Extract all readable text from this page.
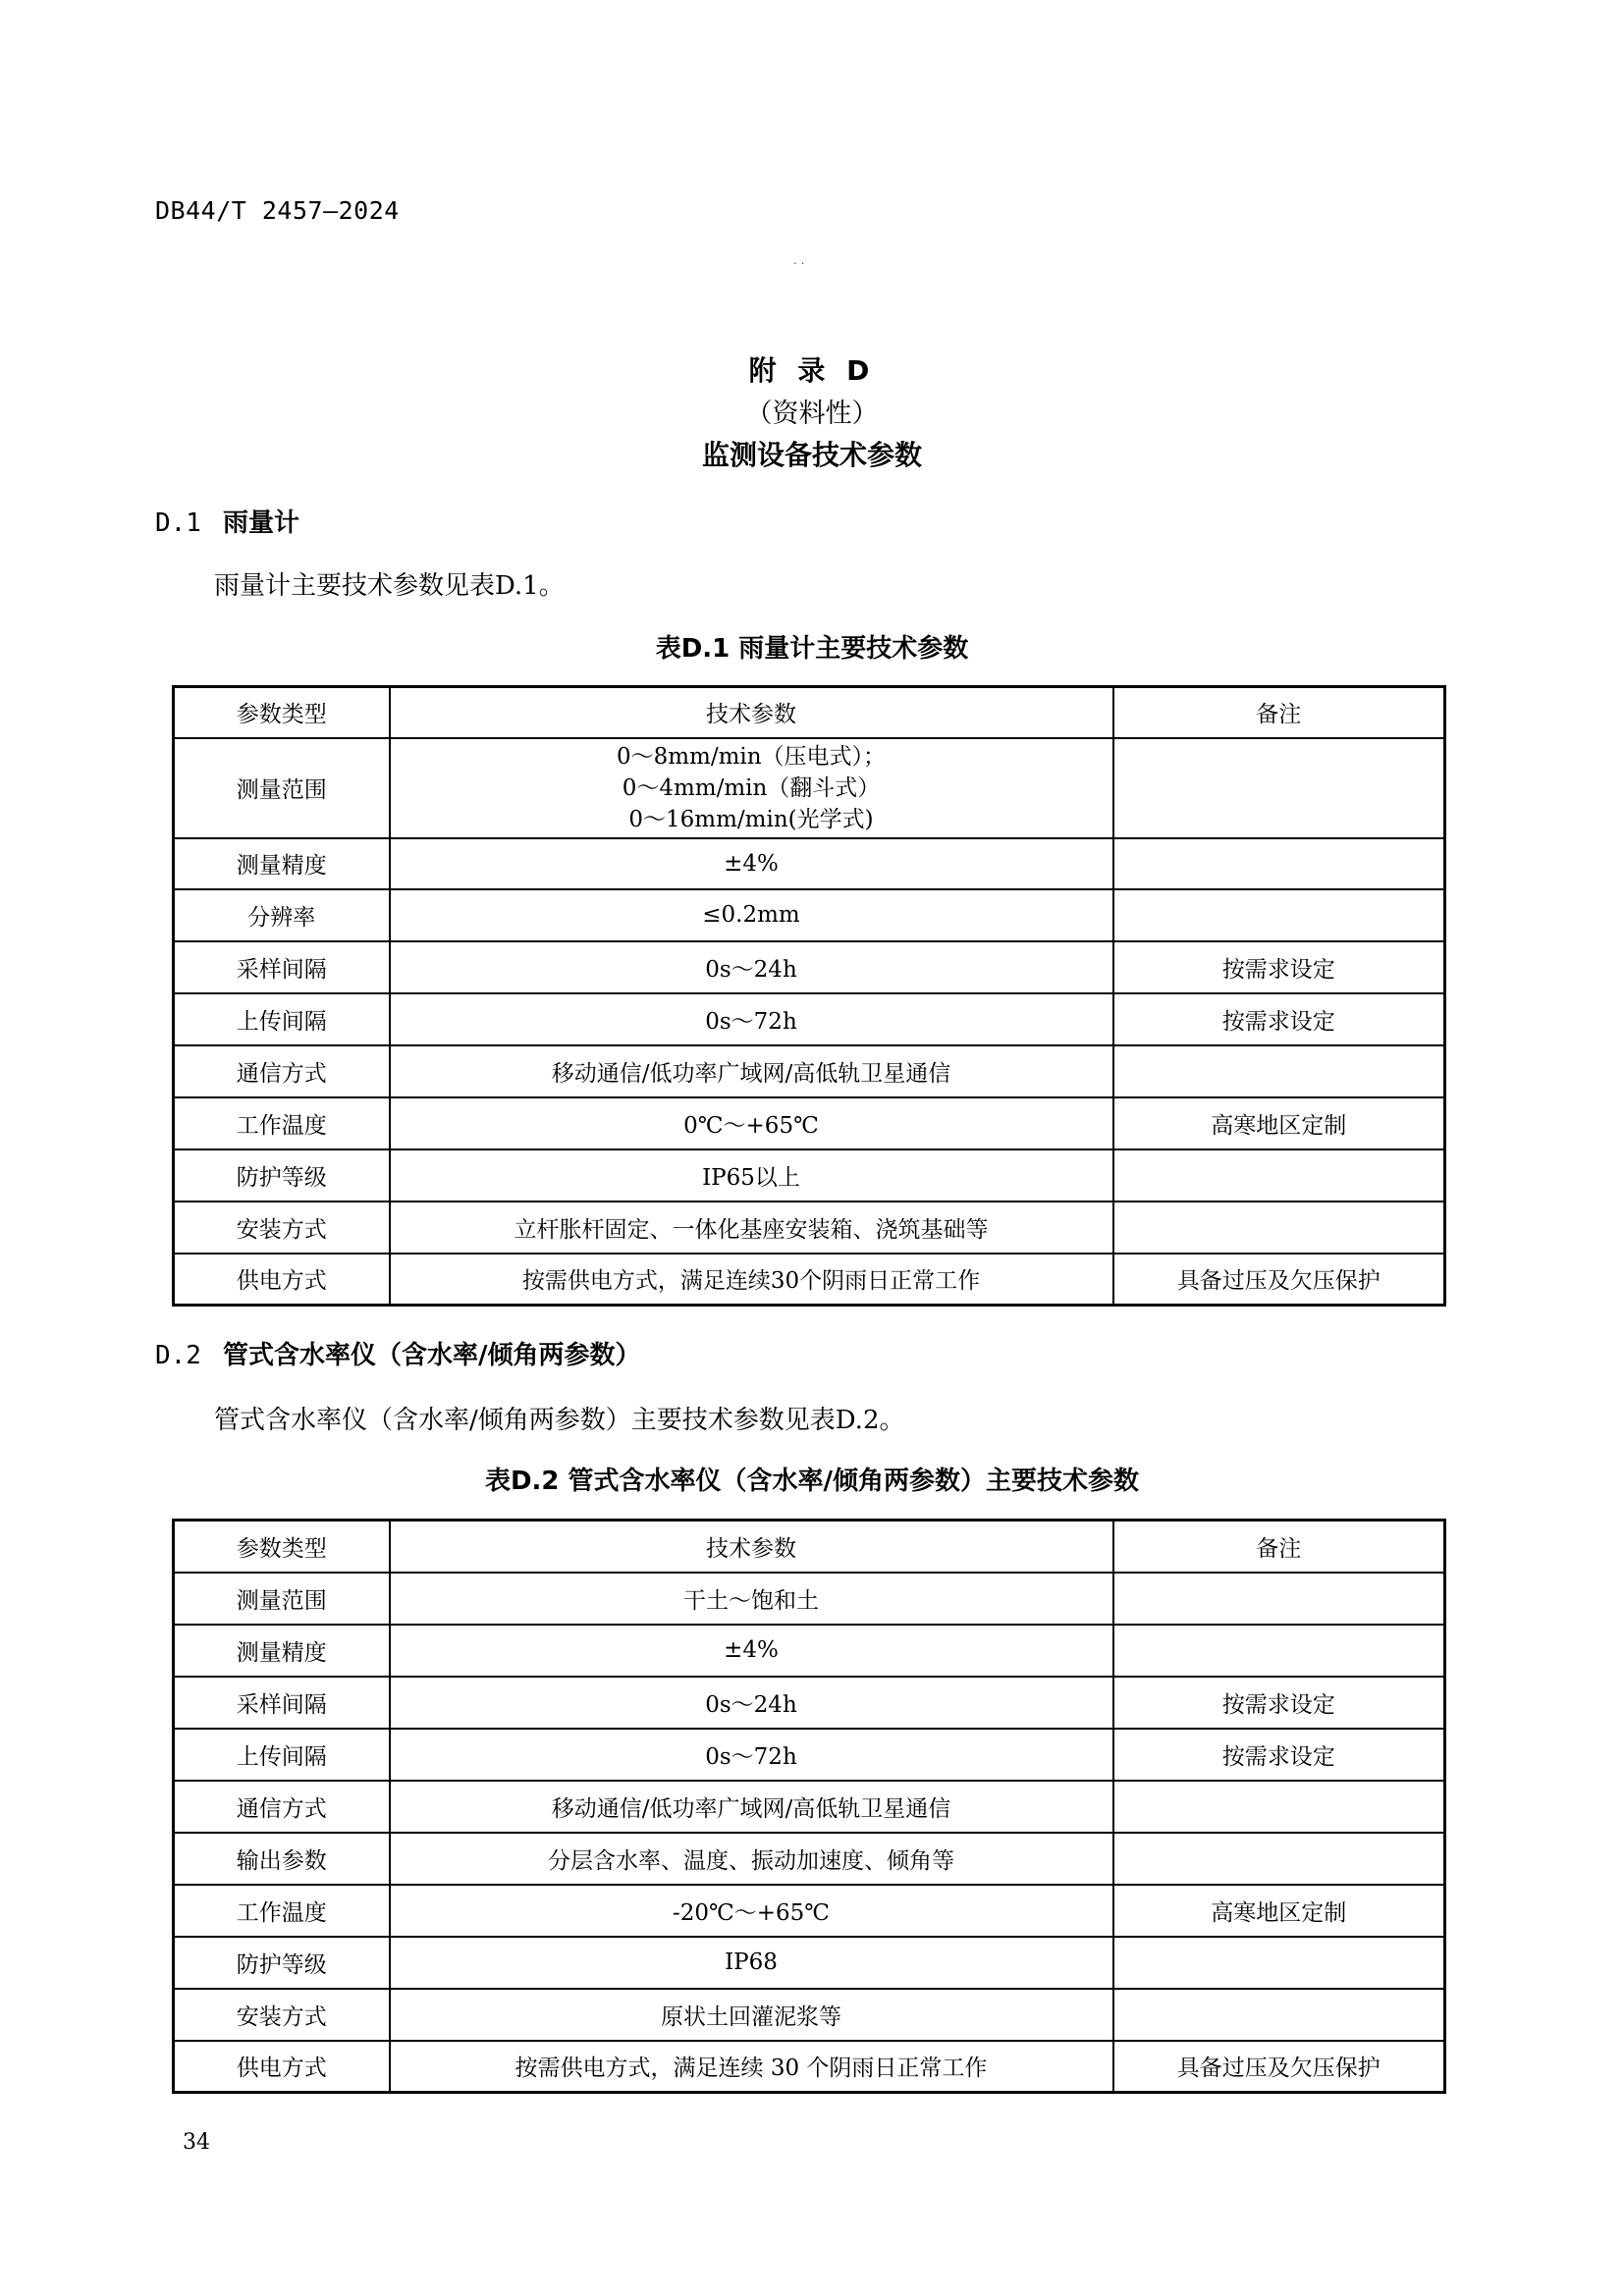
DB44/T 2457—2024
. .
附 录 D
（资料性）
监测设备技术参数
D.1 雨量计
雨量计主要技术参数见表D.1。
表D.1 雨量计主要技术参数
参数类型	技术参数	备注
测量范围	0～8mm/min（压电式）；
0～4mm/min（翻斗式）
0～16mm/min(光学式)	
测量精度	±4%	
分辨率	≤0.2mm	
采样间隔	0s～24h	按需求设定
上传间隔	0s～72h	按需求设定
通信方式	移动通信/低功率广域网/高低轨卫星通信	
工作温度	0℃～+65℃	高寒地区定制
防护等级	IP65以上	
安装方式	立杆胀杆固定、一体化基座安装箱、浇筑基础等	
供电方式	按需供电方式，满足连续30个阴雨日正常工作	具备过压及欠压保护
D.2 管式含水率仪（含水率/倾角两参数）
管式含水率仪（含水率/倾角两参数）主要技术参数见表D.2。
表D.2 管式含水率仪（含水率/倾角两参数）主要技术参数
参数类型	技术参数	备注
测量范围	干土～饱和土	
测量精度	±4%	
采样间隔	0s～24h	按需求设定
上传间隔	0s～72h	按需求设定
通信方式	移动通信/低功率广域网/高低轨卫星通信	
输出参数	分层含水率、温度、振动加速度、倾角等	
工作温度	-20℃～+65℃	高寒地区定制
防护等级	IP68	
安装方式	原状土回灌泥浆等	
供电方式	按需供电方式，满足连续 30 个阴雨日正常工作	具备过压及欠压保护
34
